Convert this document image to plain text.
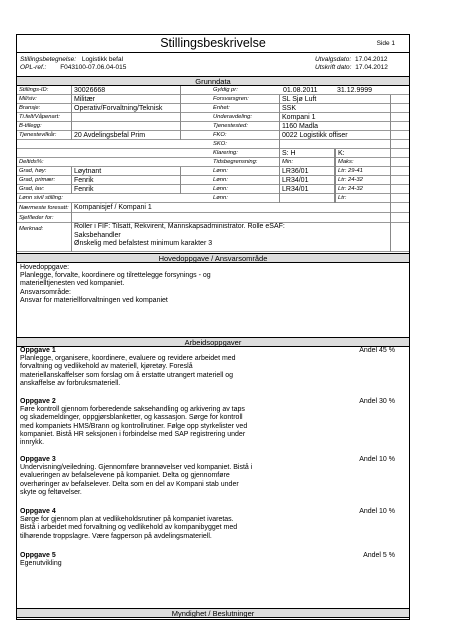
Stillingsbeskrivelse	Side 1
Stillingsbetegnelse: Logistikk befal
OPL-ref.: F043100-07.06.04-015
Utvalgsdato: 17.04.2012
Utskrift dato: 17.04.2012
Grunndata
Stillings-ID:	30026668	Gyldig pr:	01.08.2011	31.12.9999
Mil/siv:	Militær	Forsvarsgren:	SL Sjø Luft
Bransje:	Operativ/Forvaltning/Teknisk	Enhet:	SSK
Ti.felt/Våpenart:	Underavdeling:	Kompani 1
B-tillegg:	Tjenestested:	1160 Madla
Tjenestevilkår:	20 Avdelingsbefal Prim	FKO:	0022 Logistikk offiser
SKO:
Klarering:	S: H	K:
Deltids%:	Tidsbegrensning:	Min:	Maks:
Grad, høy:	Løytnant	Lønn:	LR36/01	Ltr: 29-41
Grad, primær:	Fenrik	Lønn:	LR34/01	Ltr: 24-32
Grad, lav:	Fenrik	Lønn:	LR34/01	Ltr: 24-32
Lønn sivil stilling:	Lønn:	Ltr:
Nærmeste foresatt: Kompanisjef / Kompani 1
Sjef/leder for:
Merknad:	Roller i FIF: Tilsatt, Rekvirent, Mannskapsadministrator. Rolle eSAF:
Saksbehandler
Ønskelig med befalstest minimum karakter 3
Hovedoppgave / Ansvarsområde
Hovedoppgave:
Planlegge, forvalte, koordinere og tilrettelegge forsynings - og
materielltjenesten ved kompaniet.
Ansvarsområde:
Ansvar for materiellforvaltningen ved kompaniet
Arbeidsoppgaver
Oppgave 1
Planlegge, organisere, koordinere, evaluere og revidere arbeidet med
forvaltning og vedlikehold av materiell, kjøretøy. Foreslå
materiellanskaffelser som forslag om å erstatte utrangert materiell og
anskaffelse av forbruksmateriell.
Andel 45 %
Oppgave 2
Føre kontroll gjennom forberedende saksehandling og arkivering av taps
og skademeldinger, oppgjørsblanketter, og kassasjon. Sørge for kontroll
med kompaniets HMS/Brann og kontrollrutiner. Følge opp styrkelister ved
kompaniet. Bistå HR seksjonen i forbindelse med SAP registrering under
innrykk.
Andel 30 %
Oppgave 3
Undervisning/veiledning. Gjennomføre brannøvelser ved kompaniet. Bistå i
evalueringen av befalselevene på kompaniet. Delta og gjennomføre
overhøringer av befalselever. Delta som en del av Kompani stab under
skyte og feltøvelser.
Andel 10 %
Oppgave 4
Sørge for gjennom plan at vedlikeholdsrutiner på kompaniet ivaretas.
Bistå i arbeidet med forvaltning og vedlikehold av kompanibygget med
tilhørende troppslagre. Være fagperson på avdelingsmateriell.
Andel 10 %
Oppgave 5
Egenutvikling
Andel 5 %
Myndighet / Beslutninger
